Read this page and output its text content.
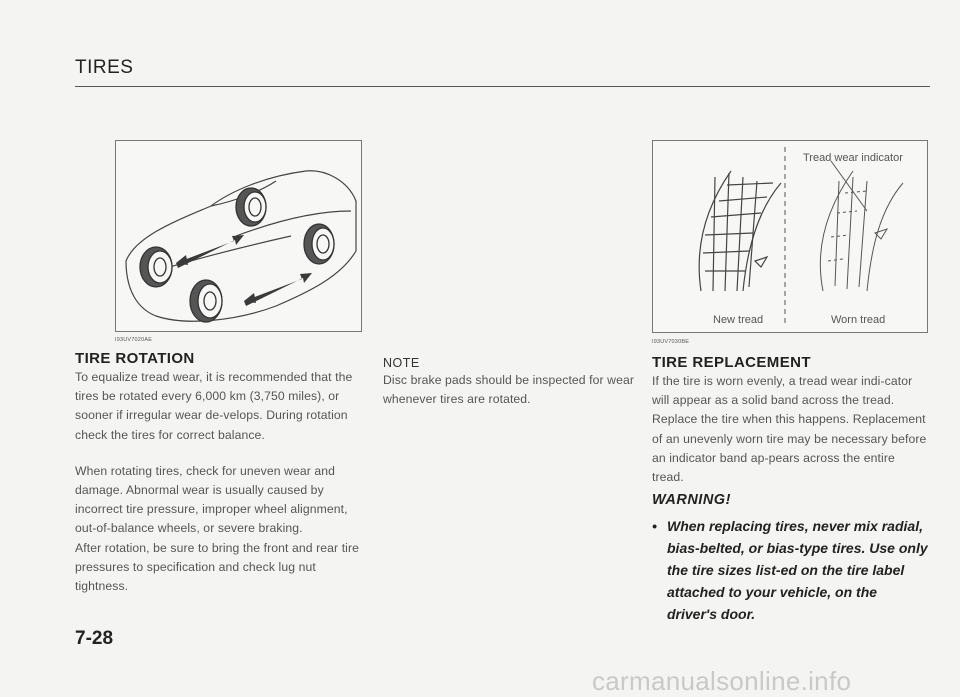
TIRES
I93UV7020AE
Tread wear indicator
New tread	Worn tread
I93UV7030BE
TIRE ROTATION

To equalize tread wear, it is recommended that the tires be rotated every 6,000 km (3,750 miles), or sooner if irregular wear de-velops. During rotation check the tires for correct balance.

When rotating tires, check for uneven wear and damage. Abnormal wear is usually caused by incorrect tire pressure, improper wheel alignment, out-of-balance wheels, or severe braking.

After rotation, be sure to bring the front and rear tire pressures to specification and check lug nut tightness.

NOTE
Disc brake pads should be inspected for wear whenever tires are rotated.
TIRE REPLACEMENT
If the tire is worn evenly, a tread wear indi-cator will appear as a solid band across the tread. Replace the tire when this happens. Replacement of an unevenly worn tire may be necessary before an indicator band ap-pears across the entire tread.
WARNING!
• When replacing tires, never mix radial, bias-belted, or bias-type tires. Use only the tire sizes list-ed on the tire label attached to your vehicle, on the driver's door.
7-28
carmanualsonline.info
